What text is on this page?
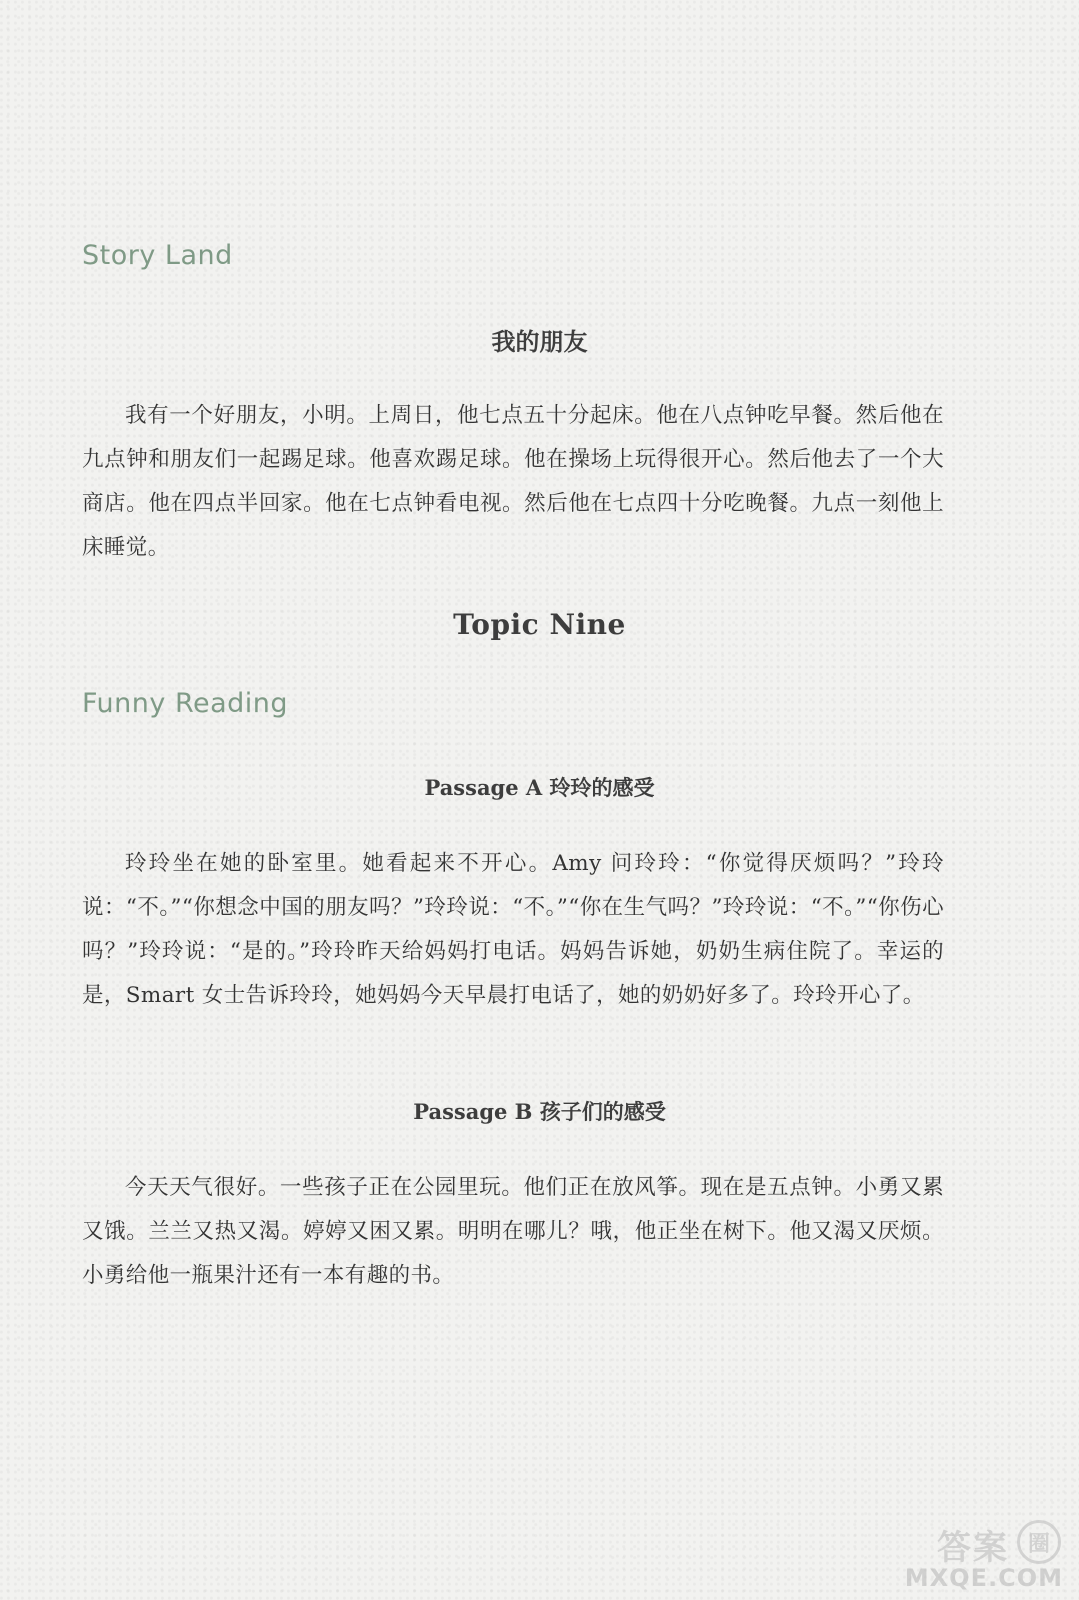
Story Land
我的朋友

我有一个好朋友，小明。上周日，他七点五十分起床。他在八点钟吃早餐。然后他在九点钟和朋友们一起踢足球。他喜欢踢足球。他在操场上玩得很开心。然后他去了一个大商店。他在四点半回家。他在七点钟看电视。然后他在七点四十分吃晚餐。九点一刻他上床睡觉。

Topic Nine
Funny Reading
Passage A 玲玲的感受

玲玲坐在她的卧室里。她看起来不开心。Amy 问玲玲：“你觉得厌烦吗？”玲玲说：“不。”“你想念中国的朋友吗？”玲玲说：“不。”“你在生气吗？”玲玲说：“不。”“你伤心吗？”玲玲说：“是的。”玲玲昨天给妈妈打电话。妈妈告诉她，奶奶生病住院了。幸运的是，Smart 女士告诉玲玲，她妈妈今天早晨打电话了，她的奶奶好多了。玲玲开心了。

Passage B 孩子们的感受

今天天气很好。一些孩子正在公园里玩。他们正在放风筝。现在是五点钟。小勇又累又饿。兰兰又热又渴。婷婷又困又累。明明在哪儿？哦，他正坐在树下。他又渴又厌烦。小勇给他一瓶果汁还有一本有趣的书。

答案 圈
MXQE.COM
